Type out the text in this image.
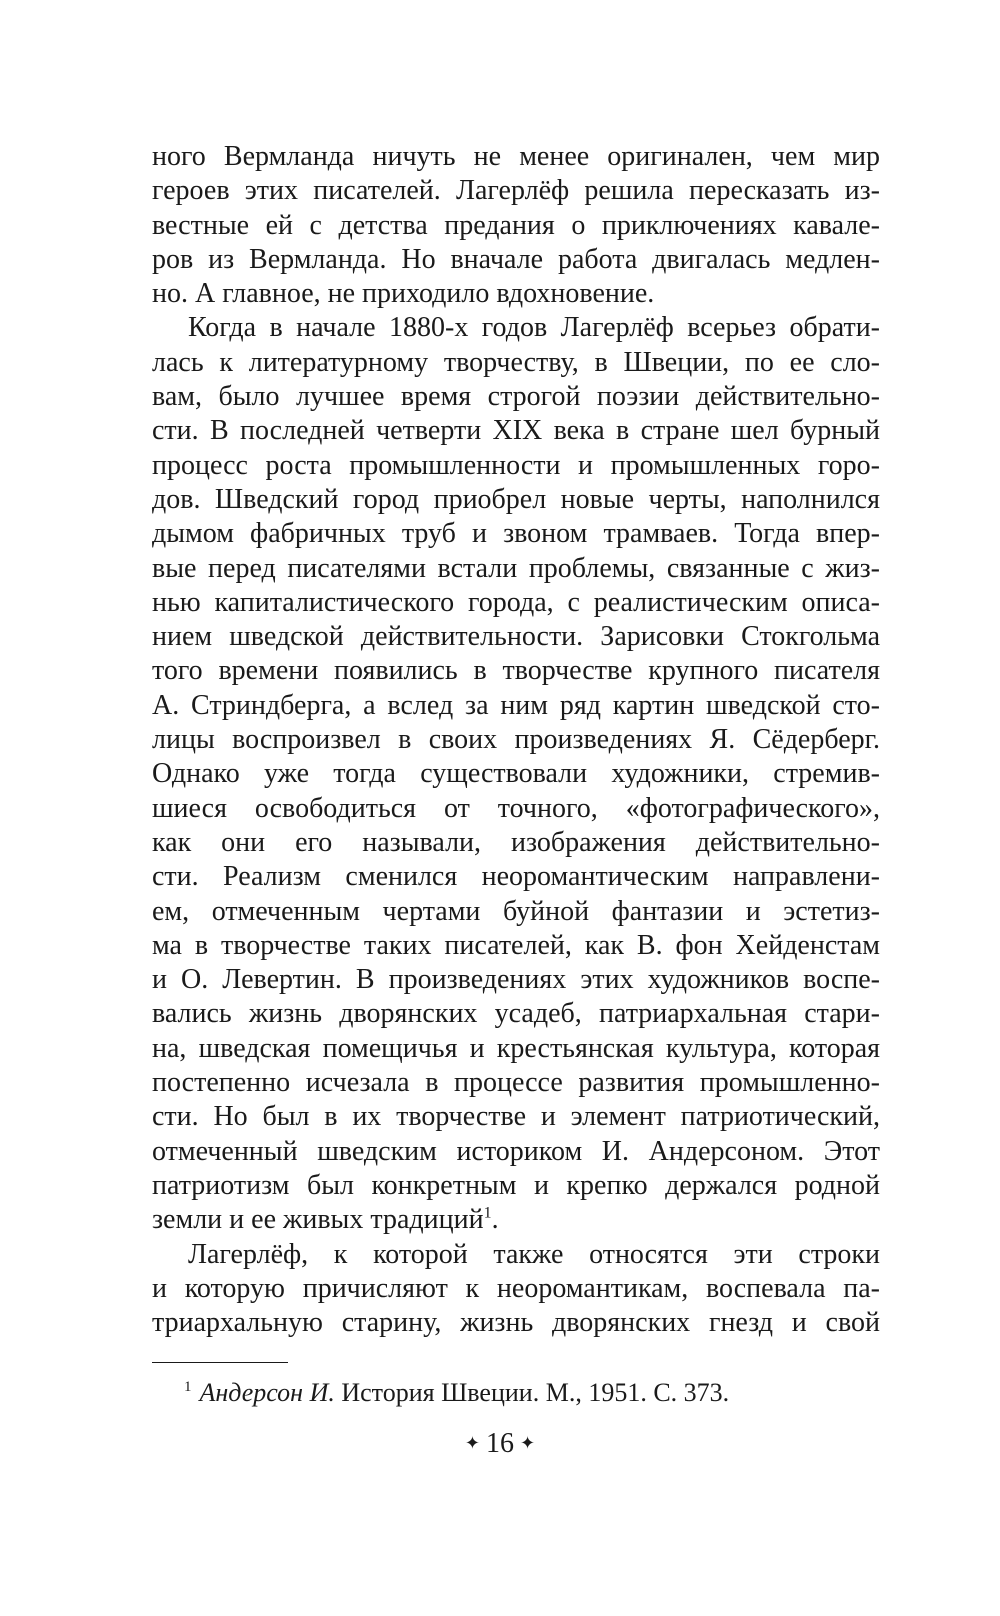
ного Вермланда ничуть не менее оригинален, чем мир
героев этих писателей. Лагерлёф решила пересказать из-
вестные ей с детства предания о приключениях кавале-
ров из Вермланда. Но вначале работа двигалась медлен-
но. А главное, не приходило вдохновение.
Когда в начале 1880-х годов Лагерлёф всерьез обрати-
лась к литературному творчеству, в Швеции, по ее сло-
вам, было лучшее время строгой поэзии действительно-
сти. В последней четверти XIX века в стране шел бурный
процесс роста промышленности и промышленных горо-
дов. Шведский город приобрел новые черты, наполнился
дымом фабричных труб и звоном трамваев. Тогда впер-
вые перед писателями встали проблемы, связанные с жиз-
нью капиталистического города, с реалистическим описа-
нием шведской действительности. Зарисовки Стокгольма
того времени появились в творчестве крупного писателя
А. Стриндберга, а вслед за ним ряд картин шведской сто-
лицы воспроизвел в своих произведениях Я. Сёдерберг.
Однако уже тогда существовали художники, стремив-
шиеся освободиться от точного, «фотографического»,
как они его называли, изображения действительно-
сти. Реализм сменился неоромантическим направлени-
ем, отмеченным чертами буйной фантазии и эстетиз-
ма в творчестве таких писателей, как В. фон Хейденстам
и О. Левертин. В произведениях этих художников воспе-
вались жизнь дворянских усадеб, патриархальная стари-
на, шведская помещичья и крестьянская культура, которая
постепенно исчезала в процессе развития промышленно-
сти. Но был в их творчестве и элемент патриотический,
отмеченный шведским историком И. Андерсоном. Этот
патриотизм был конкретным и крепко держался родной
земли и ее живых традиций$^1$.
Лагерлёф, к которой также относятся эти строки
и которую причисляют к неоромантикам, воспевала па-
триархальную старину, жизнь дворянских гнезд и свой
$^1$ Андерсон И. История Швеции. М., 1951. С. 373.
✦ 16 ✦
